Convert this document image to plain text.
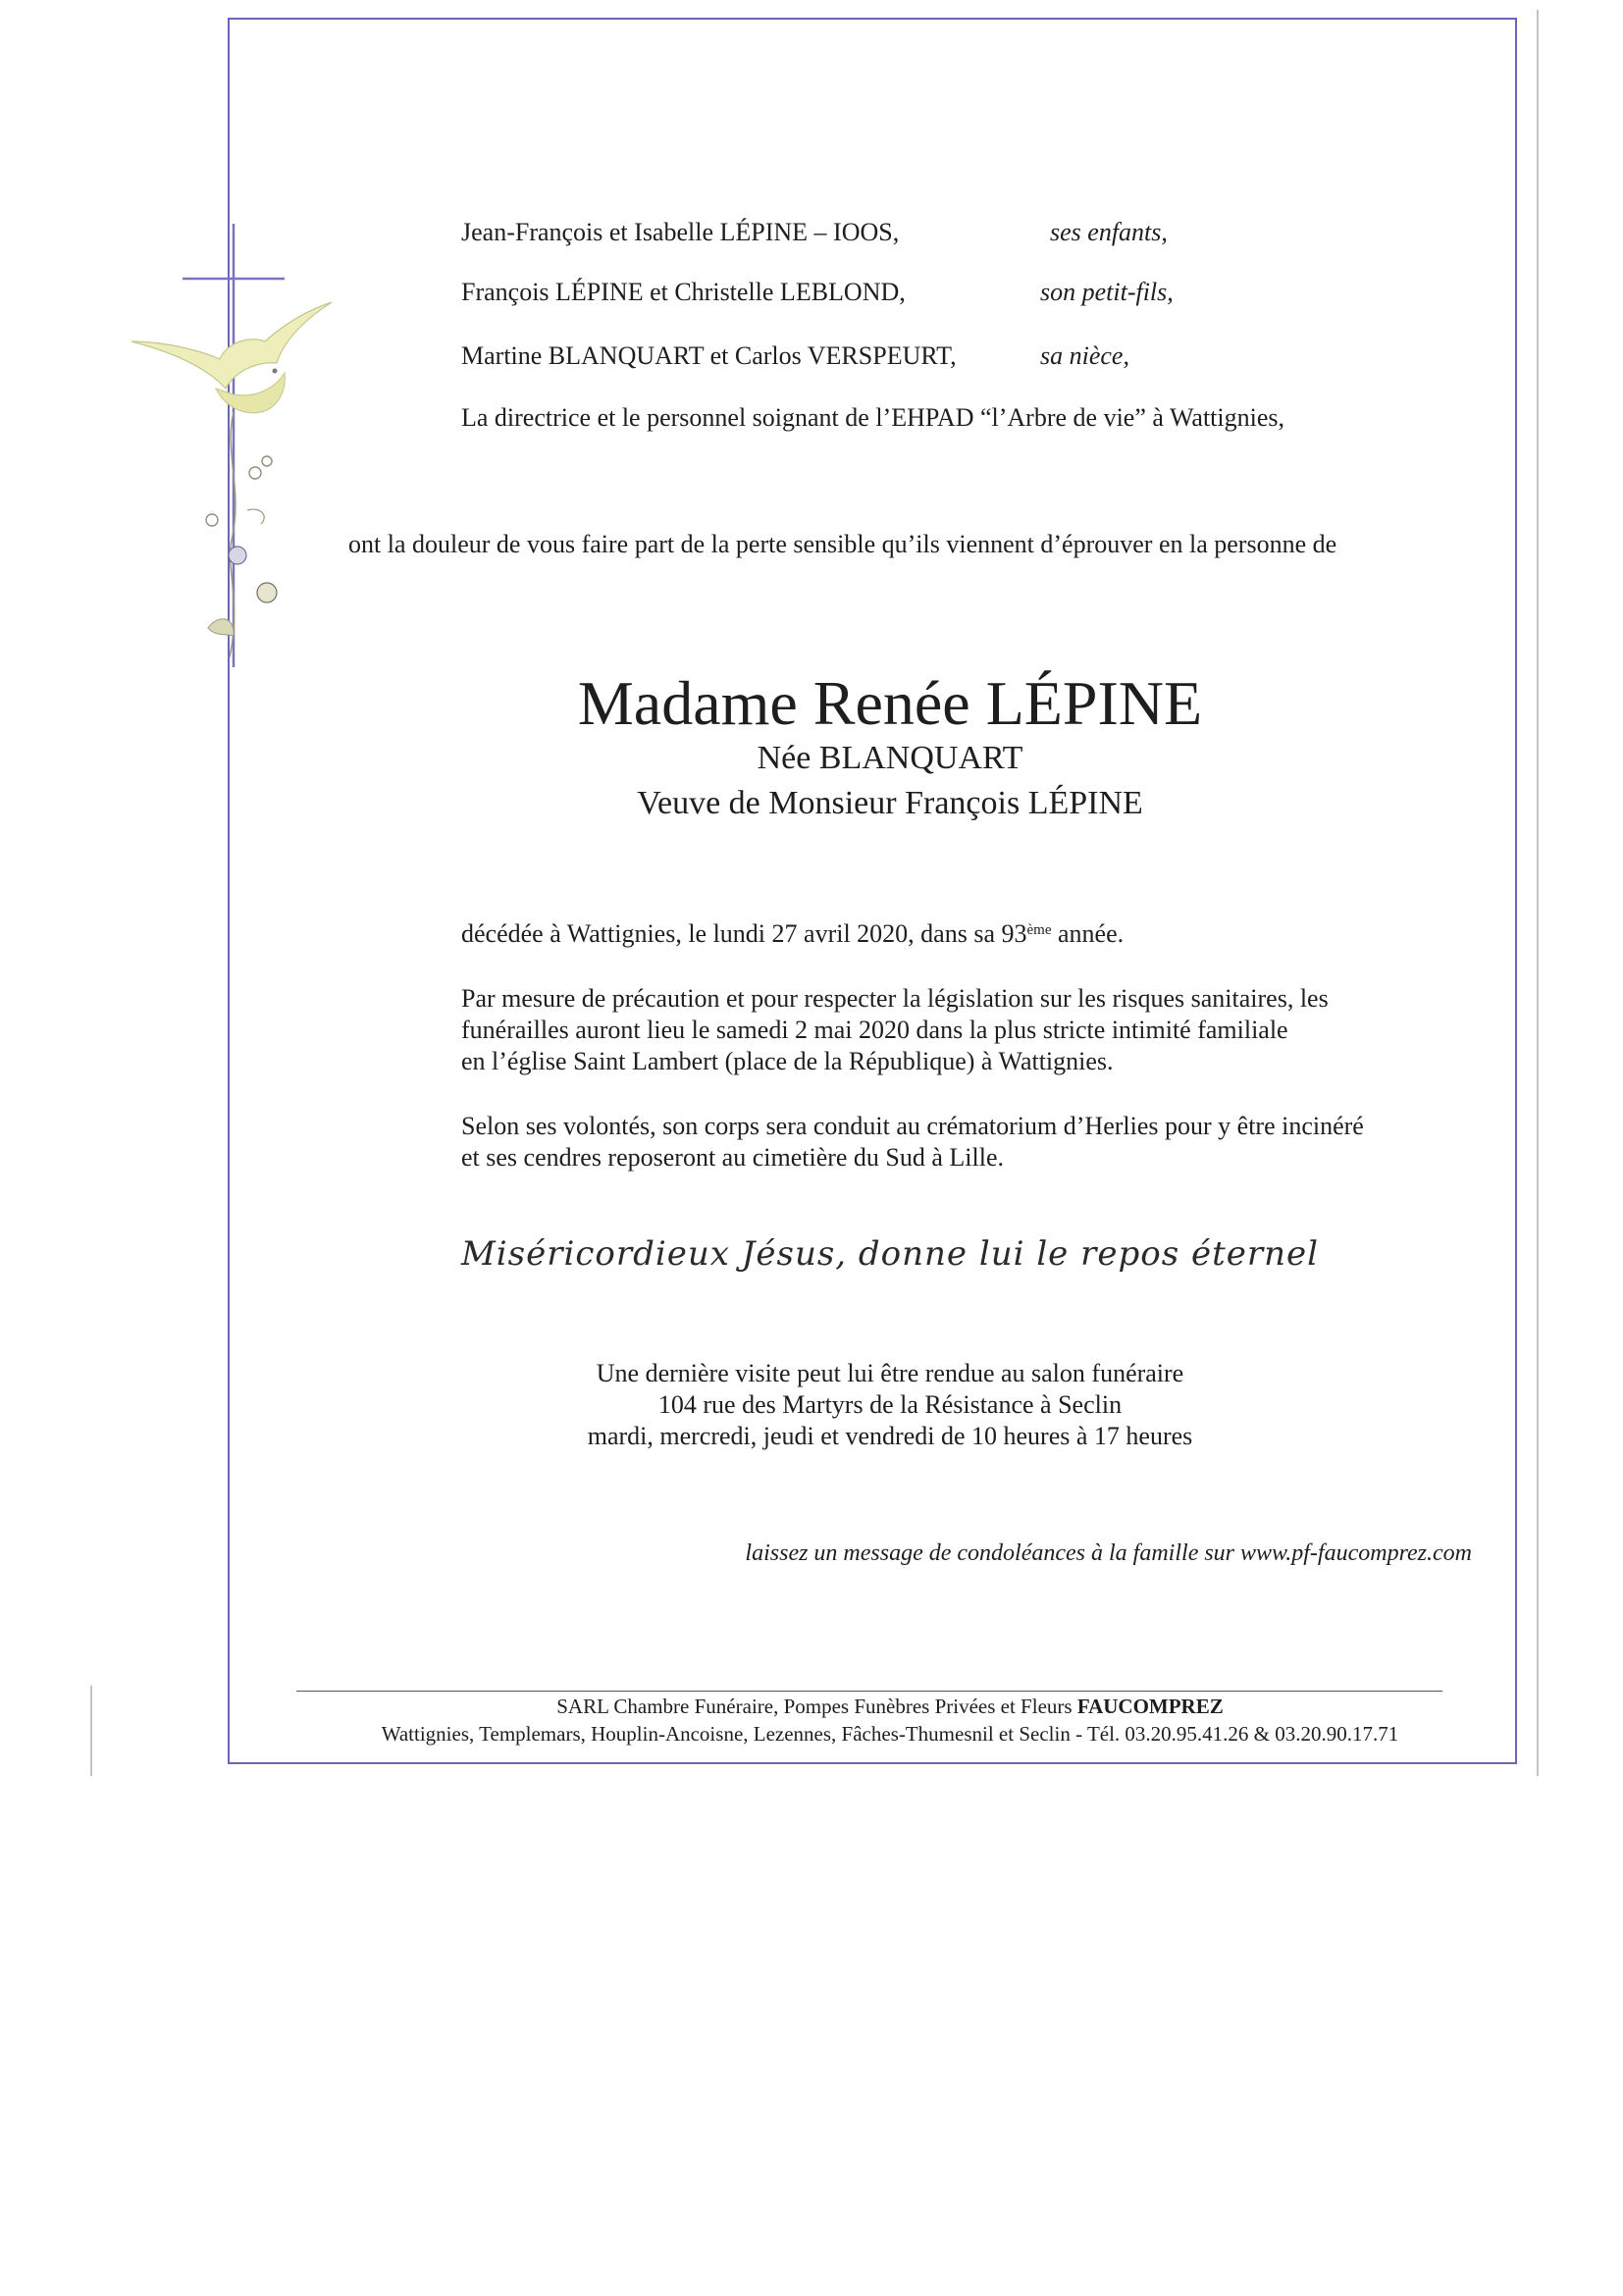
Jean-François et Isabelle LÉPINE – IOOS,	ses enfants,
François LÉPINE et Christelle LEBLOND,	son petit-fils,
Martine BLANQUART et Carlos VERSPEURT,	sa nièce,
La directrice et le personnel soignant de l’EHPAD “l’Arbre de vie” à Wattignies,
ont la douleur de vous faire part de la perte sensible qu’ils viennent d’éprouver en la personne de
Madame Renée LÉPINE
Née BLANQUART
Veuve de Monsieur François LÉPINE
décédée à Wattignies, le lundi 27 avril 2020, dans sa 93ème année.
Par mesure de précaution et pour respecter la législation sur les risques sanitaires, les
funérailles auront lieu le samedi 2 mai 2020 dans la plus stricte intimité familiale
en l’église Saint Lambert (place de la République) à Wattignies.
Selon ses volontés, son corps sera conduit au crématorium d’Herlies pour y être incinéré
et ses cendres reposeront au cimetière du Sud à Lille.
Miséricordieux Jésus, donne lui le repos éternel
Une dernière visite peut lui être rendue au salon funéraire
104 rue des Martyrs de la Résistance à Seclin
mardi, mercredi, jeudi et vendredi de 10 heures à 17 heures
laissez un message de condoléances à la famille sur www.pf-faucomprez.com
SARL Chambre Funéraire, Pompes Funèbres Privées et Fleurs FAUCOMPREZ
Wattignies, Templemars, Houplin-Ancoisne, Lezennes, Fâches-Thumesnil et Seclin - Tél. 03.20.95.41.26 & 03.20.90.17.71
